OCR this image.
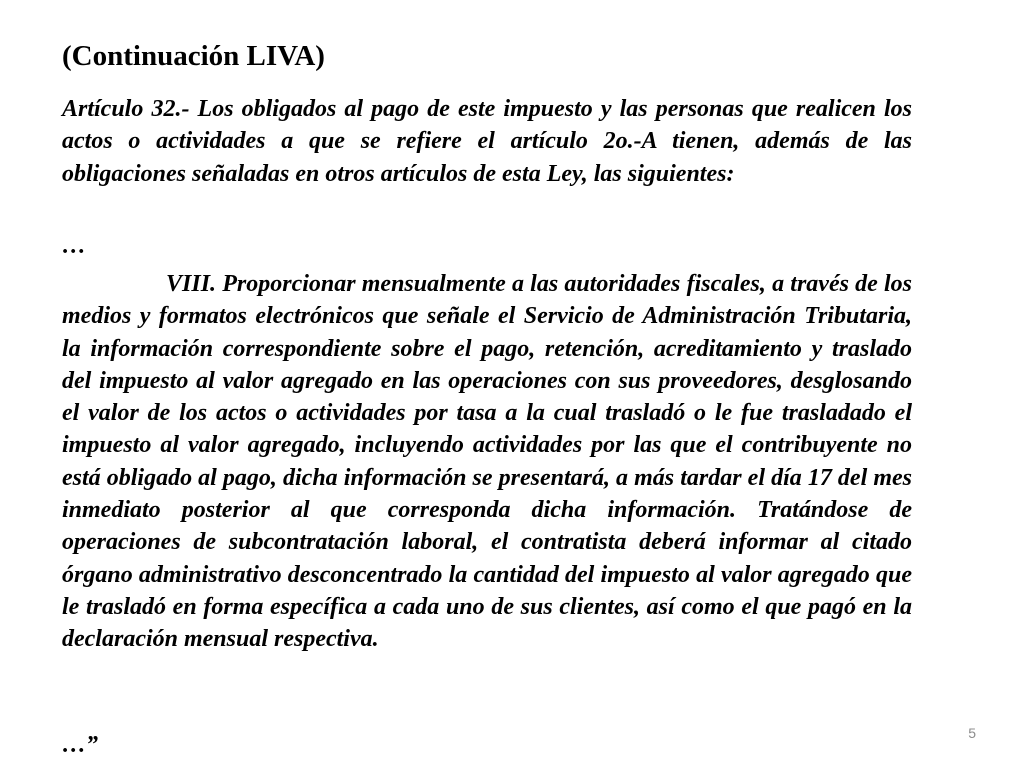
(Continuación LIVA)

Artículo 32.- Los obligados al pago de este impuesto y las personas que realicen los actos o actividades a que se refiere el artículo 2o.-A tienen, además de las obligaciones señaladas en otros artículos de esta Ley, las siguientes:

…

VIII. Proporcionar mensualmente a las autoridades fiscales, a través de los medios y formatos electrónicos que señale el Servicio de Administración Tributaria, la información correspondiente sobre el pago, retención, acreditamiento y traslado del impuesto al valor agregado en las operaciones con sus proveedores, desglosando el valor de los actos o actividades por tasa a la cual trasladó o le fue trasladado el impuesto al valor agregado, incluyendo actividades por las que el contribuyente no está obligado al pago, dicha información se presentará, a más tardar el día 17 del mes inmediato posterior al que corresponda dicha información. Tratándose de operaciones de subcontratación laboral, el contratista deberá informar al citado órgano administrativo desconcentrado la cantidad del impuesto al valor agregado que le trasladó en forma específica a cada uno de sus clientes, así como el que pagó en la declaración mensual respectiva.

…”	5
